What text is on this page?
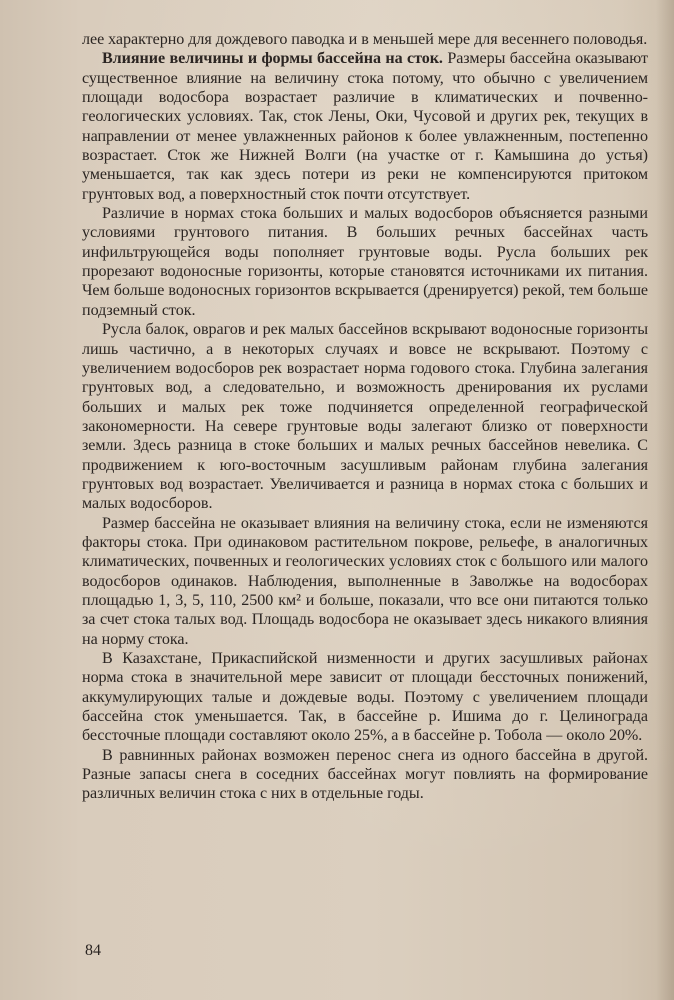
лее характерно для дождевого паводка и в меньшей мере для весеннего половодья.

Влияние величины и формы бассейна на сток. Размеры бассейна оказывают существенное влияние на величину стока потому, что обычно с увеличением площади водосбора возрастает различие в климатических и почвенно-геологических условиях. Так, сток Лены, Оки, Чусовой и других рек, текущих в направлении от менее увлажненных районов к более увлажненным, постепенно возрастает. Сток же Нижней Волги (на участке от г. Камышина до устья) уменьшается, так как здесь потери из реки не компенсируются притоком грунтовых вод, а поверхностный сток почти отсутствует.

Различие в нормах стока больших и малых водосборов объясняется разными условиями грунтового питания. В больших речных бассейнах часть инфильтрующейся воды пополняет грунтовые воды. Русла больших рек прорезают водоносные горизонты, которые становятся источниками их питания. Чем больше водоносных горизонтов вскрывается (дренируется) рекой, тем больше подземный сток.

Русла балок, оврагов и рек малых бассейнов вскрывают водоносные горизонты лишь частично, а в некоторых случаях и вовсе не вскрывают. Поэтому с увеличением водосборов рек возрастает норма годового стока. Глубина залегания грунтовых вод, а следовательно, и возможность дренирования их руслами больших и малых рек тоже подчиняется определенной географической закономерности. На севере грунтовые воды залегают близко от поверхности земли. Здесь разница в стоке больших и малых речных бассейнов невелика. С продвижением к юго-восточным засушливым районам глубина залегания грунтовых вод возрастает. Увеличивается и разница в нормах стока с больших и малых водосборов.

Размер бассейна не оказывает влияния на величину стока, если не изменяются факторы стока. При одинаковом растительном покрове, рельефе, в аналогичных климатических, почвенных и геологических условиях сток с большого или малого водосборов одинаков. Наблюдения, выполненные в Заволжье на водосборах площадью 1, 3, 5, 110, 2500 км² и больше, показали, что все они питаются только за счет стока талых вод. Площадь водосбора не оказывает здесь никакого влияния на норму стока.

В Казахстане, Прикаспийской низменности и других засушливых районах норма стока в значительной мере зависит от площади бессточных понижений, аккумулирующих талые и дождевые воды. Поэтому с увеличением площади бассейна сток уменьшается. Так, в бассейне р. Ишима до г. Целинограда бессточные площади составляют около 25%, а в бассейне р. Тобола — около 20%.

В равнинных районах возможен перенос снега из одного бассейна в другой. Разные запасы снега в соседних бассейнах могут повлиять на формирование различных величин стока с них в отдельные годы.

84
